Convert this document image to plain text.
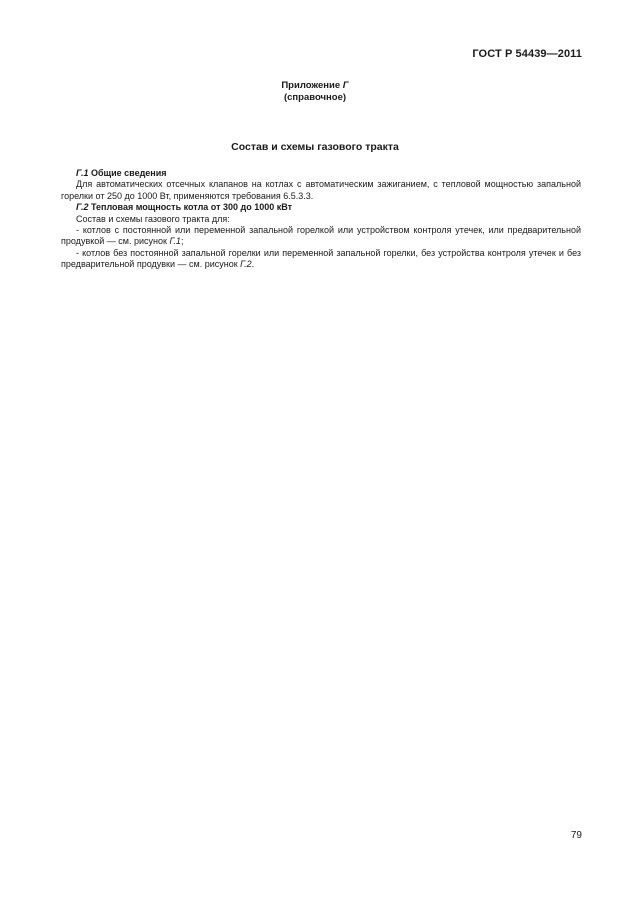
ГОСТ Р 54439—2011
Приложение Г
(справочное)
Состав и схемы газового тракта

Г.1 Общие сведения

Для автоматических отсечных клапанов на котлах с автоматическим зажиганием, с тепловой мощностью запальной горелки от 250 до 1000 Вт, применяются требования 6.5.3.3.

Г.2 Тепловая мощность котла от 300 до 1000 кВт

Состав и схемы газового тракта для:

- котлов с постоянной или переменной запальной горелкой или устройством контроля утечек, или предварительной продувкой — см. рисунок Г.1;

- котлов без постоянной запальной горелки или переменной запальной горелки, без устройства контроля утечек и без предварительной продувки — см. рисунок Г.2.

79
